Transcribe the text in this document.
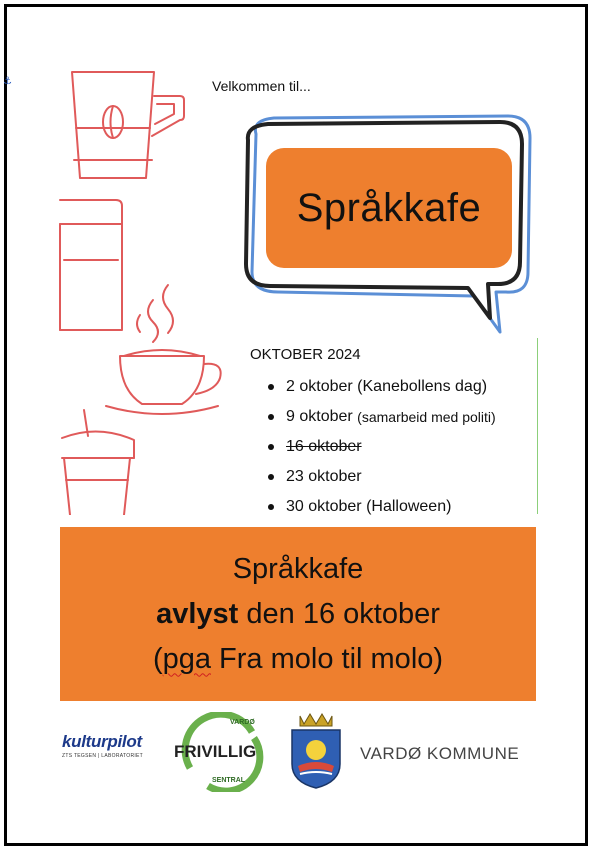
⚓	Velkommen til...
Språkkafe
OKTOBER 2024
2 oktober
(Kanebollens dag)
9 oktober
(samarbeid med politi)
16 oktober
23 oktober
30 oktober
(Halloween)
Språkkafe
avlyst den 16 oktober
(pga Fra molo til molo)
kulturpilot
ZTS TEGSEN | LABORATORIET
VARDØ
FRIVILLIG
SENTRAL
VARDØ KOMMUNE
